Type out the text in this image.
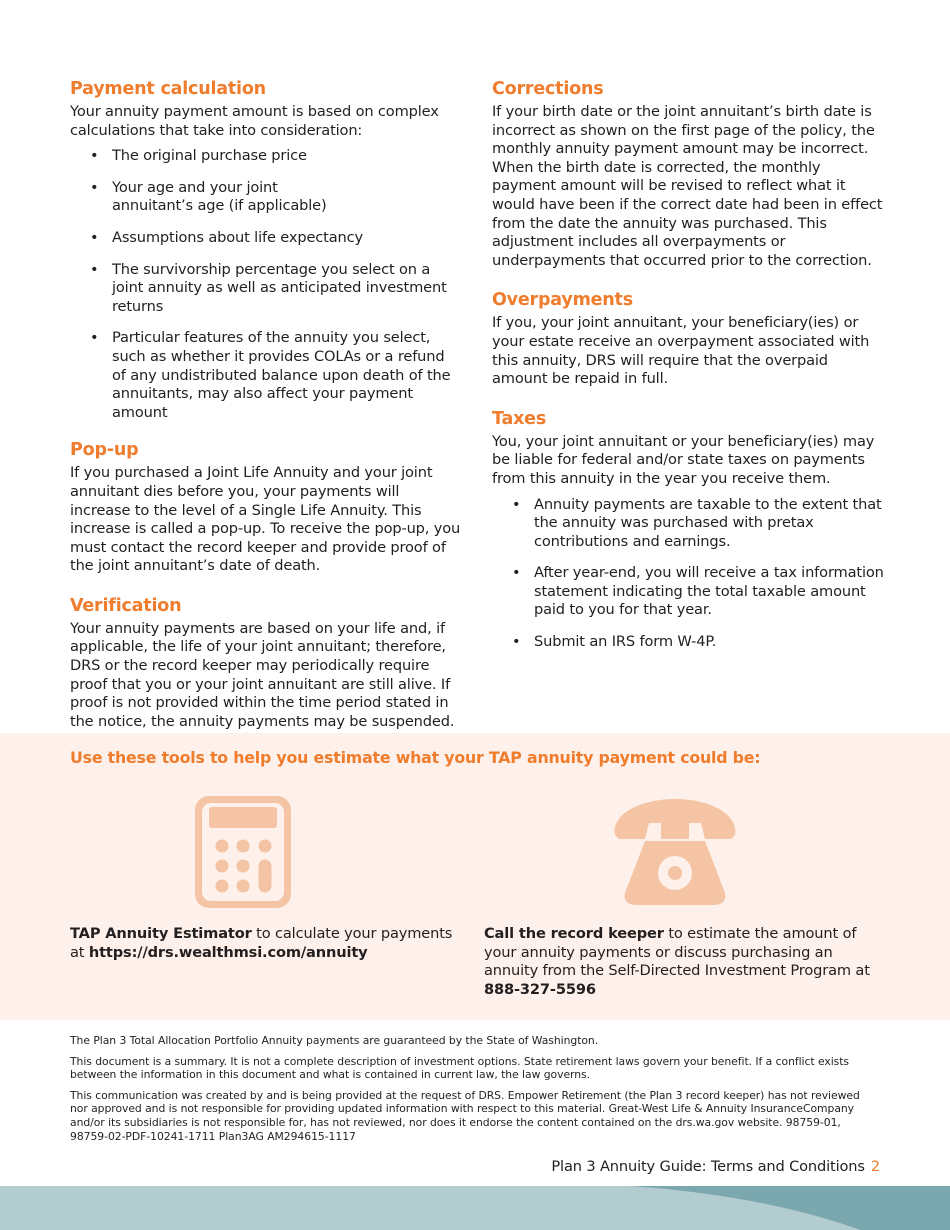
Payment calculation

Your annuity payment amount is based on complex calculations that take into consideration:

• The original purchase price
• Your age and your joint annuitant’s age (if applicable)
• Assumptions about life expectancy
• The survivorship percentage you select on a joint annuity as well as anticipated investment returns
• Particular features of the annuity you select, such as whether it provides COLAs or a refund of any undistributed balance upon death of the annuitants, may also affect your payment amount
Pop-up

If you purchased a Joint Life Annuity and your joint annuitant dies before you, your payments will increase to the level of a Single Life Annuity. This increase is called a pop-up. To receive the pop-up, you must contact the record keeper and provide proof of the joint annuitant’s date of death.

Verification

Your annuity payments are based on your life and, if applicable, the life of your joint annuitant; therefore, DRS or the record keeper may periodically require proof that you or your joint annuitant are still alive. If proof is not provided within the time period stated in the notice, the annuity payments may be suspended.

Corrections

If your birth date or the joint annuitant’s birth date is incorrect as shown on the first page of the policy, the monthly annuity payment amount may be incorrect. When the birth date is corrected, the monthly payment amount will be revised to reflect what it would have been if the correct date had been in effect from the date the annuity was purchased. This adjustment includes all overpayments or underpayments that occurred prior to the correction.

Overpayments

If you, your joint annuitant, your beneficiary(ies) or your estate receive an overpayment associated with this annuity, DRS will require that the overpaid amount be repaid in full.

Taxes

You, your joint annuitant or your beneficiary(ies) may be liable for federal and/or state taxes on payments from this annuity in the year you receive them.

• Annuity payments are taxable to the extent that the annuity was purchased with pretax contributions and earnings.
• After year-end, you will receive a tax information statement indicating the total taxable amount paid to you for that year.
• Submit an IRS form W-4P.
Use these tools to help you estimate what your TAP annuity payment could be:

TAP Annuity Estimator to calculate your payments at https://drs.wealthmsi.com/annuity

Call the record keeper to estimate the amount of your annuity payments or discuss purchasing an annuity from the Self-Directed Investment Program at 888-327-5596

The Plan 3 Total Allocation Portfolio Annuity payments are guaranteed by the State of Washington.

This document is a summary. It is not a complete description of investment options. State retirement laws govern your benefit. If a conflict exists between the information in this document and what is contained in current law, the law governs.

This communication was created by and is being provided at the request of DRS. Empower Retirement (the Plan 3 record keeper) has not reviewed nor approved and is not responsible for providing updated information with respect to this material. Great-West Life & Annuity InsuranceCompany and/or its subsidiaries is not responsible for, has not reviewed, nor does it endorse the content contained on the drs.wa.gov website. 98759-01, 98759-02-PDF-10241-1711 Plan3AG AM294615-1117

Plan 3 Annuity Guide: Terms and Conditions 2
